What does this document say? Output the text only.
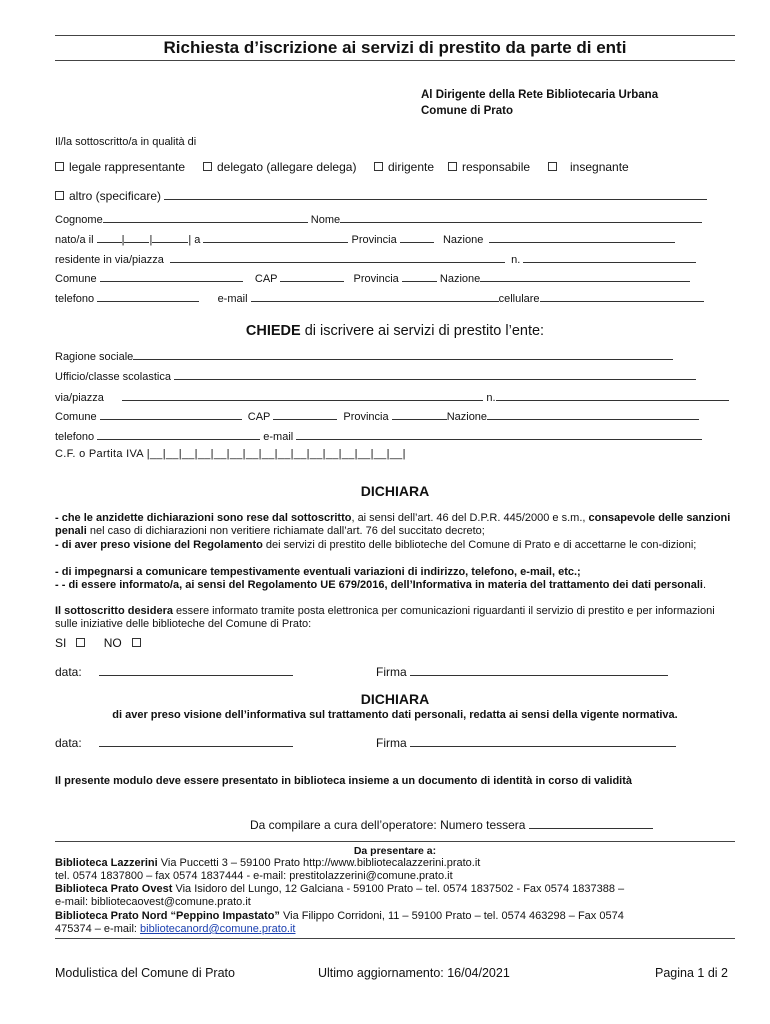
Richiesta d’iscrizione ai servizi di prestito da parte di enti
Al Dirigente della Rete Bibliotecaria Urbana
Comune di Prato
Il/la sottoscritto/a in qualità di
legale rappresentante	delegato (allegare delega)	dirigente	responsabile	insegnante
altro (specificare)
Cognome	Nome
nato/a il	| |	| a	Provincia	Nazione
residente in via/piazza	n.
Comune	CAP	Provincia	Nazione
telefono	e-mail	cellulare
CHIEDE di iscrivere ai servizi di prestito l’ente:
Ragione sociale
Ufficio/classe scolastica
via/piazza	n.
Comune	CAP	Provincia	Nazione
telefono	e-mail
C.F. o Partita IVA |__|__|__|__|__|__|__|__|__|__|__|__|__|__|__|__|
DICHIARA
- che le anzidette dichiarazioni sono rese dal sottoscritto, ai sensi dell’art. 46 del D.P.R. 445/2000 e s.m., consapevole delle sanzioni penali nel caso di dichiarazioni non veritiere richiamate dall’art. 76 del succitato decreto;
- di aver preso visione del Regolamento dei servizi di prestito delle biblioteche del Comune di Prato e di accettarne le con-dizioni;
- di impegnarsi a comunicare tempestivamente eventuali variazioni di indirizzo, telefono, e-mail, etc.;
- - di essere informato/a, ai sensi del Regolamento UE 679/2016, dell’Informativa in materia del trattamento dei dati personali.
Il sottoscritto desidera essere informato tramite posta elettronica per comunicazioni riguardanti il servizio di prestito e per informazioni sulle iniziative delle biblioteche del Comune di Prato:
SI	NO
data:	Firma
DICHIARA
di aver preso visione dell’informativa sul trattamento dati personali, redatta ai sensi della vigente normativa.
data:	Firma
Il presente modulo deve essere presentato in biblioteca insieme a un documento di identità in corso di validità
Da compilare a cura dell’operatore: Numero tessera
Da presentare a:
Biblioteca Lazzerini Via Puccetti 3 – 59100 Prato http://www.bibliotecalazzerini.prato.it
tel. 0574 1837800 – fax 0574 1837444 - e-mail: prestitolazzerini@comune.prato.it
Biblioteca Prato Ovest Via Isidoro del Lungo, 12 Galciana - 59100 Prato – tel. 0574 1837502 - Fax 0574 1837388 –
e-mail: bibliotecaovest@comune.prato.it
Biblioteca Prato Nord “Peppino Impastato” Via Filippo Corridoni, 11 – 59100 Prato – tel. 0574 463298 – Fax 0574
475374 – e-mail: bibliotecanord@comune.prato.it
Modulistica del Comune di Prato	Ultimo aggiornamento: 16/04/2021	Pagina 1 di 2
